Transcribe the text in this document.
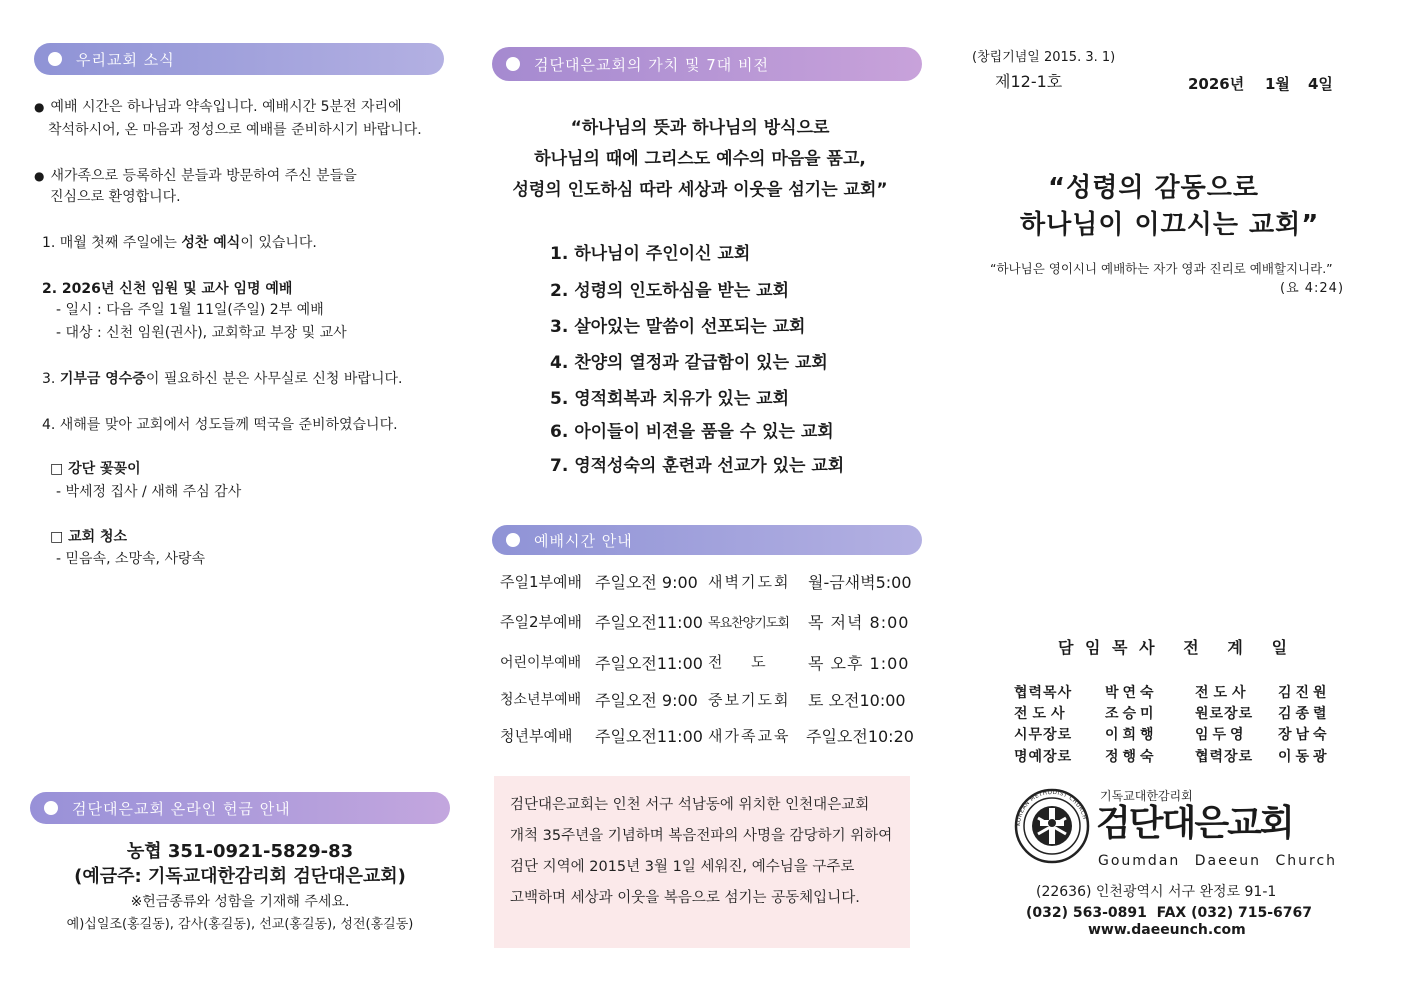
우리교회 소식
● 예배 시간은 하나님과 약속입니다. 예배시간 5분전 자리에
착석하시어, 온 마음과 정성으로 예배를 준비하시기 바랍니다.
● 새가족으로 등록하신 분들과 방문하여 주신 분들을
진심으로 환영합니다.
1. 매월 첫째 주일에는 성찬 예식이 있습니다.
2. 2026년 신천 임원 및 교사 임명 예배
- 일시 : 다음 주일 1월 11일(주일) 2부 예배
- 대상 : 신천 임원(권사), 교회학교 부장 및 교사
3. 기부금 영수증이 필요하신 분은 사무실로 신청 바랍니다.
4. 새해를 맞아 교회에서 성도들께 떡국을 준비하였습니다.
□ 강단 꽃꽂이
- 박세정 집사 / 새해 주심 감사
□ 교회 청소
- 믿음속, 소망속, 사랑속
검단대은교회 온라인 헌금 안내
농협 351-0921-5829-83
(예금주: 기독교대한감리회 검단대은교회)
※헌금종류와 성함을 기재해 주세요.
예)십일조(홍길동), 감사(홍길동), 선교(홍길동), 성전(홍길동)
검단대은교회의 가치 및 7대 비전
“하나님의 뜻과 하나님의 방식으로
하나님의 때에 그리스도 예수의 마음을 품고,
성령의 인도하심 따라 세상과 이웃을 섬기는 교회”
1. 하나님이 주인이신 교회
2. 성령의 인도하심을 받는 교회
3. 살아있는 말씀이 선포되는 교회
4. 찬양의 열정과 갈급함이 있는 교회
5. 영적회복과 치유가 있는 교회
6. 아이들이 비젼을 품을 수 있는 교회
7. 영적성숙의 훈련과 선교가 있는 교회
예배시간 안내
주일1부예배 주일오전 9:00 새벽기도회 월-금새벽5:00
주일2부예배 주일오전11:00 목요찬양기도회 목 저녁 8:00
어린이부예배 주일오전11:00 전      도	목 오후 1:00
청소년부예배 주일오전 9:00 중보기도회 토 오전10:00
청년부예배 주일오전11:00 새가족교육 주일오전10:20
검단대은교회는 인천 서구 석남동에 위치한 인천대은교회
개척 35주년을 기념하며 복음전파의 사명을 감당하기 위하여
검단 지역에 2015년 3월 1일 세워진, 예수님을 구주로
고백하며 세상과 이웃을 복음으로 섬기는 공동체입니다.
(창립기념일 2015. 3. 1)
제12-1호	2026년 1월 4일
“성령의 감동으로
하나님이 이끄시는 교회”
“하나님은 영이시니 예배하는 자가 영과 진리로 예배할지니라.”
(요 4:24)
담 임 목 사   전   계   일
협력목사 박연숙	전도사 김진원
전도사	조승미	원로장로 김종렬
시무장로 이희행	임두영 장남숙
명예장로 정행숙	협력장로 이동광
KOREAN METHODIST CHURCH
기독교대한감리회
검단대은교회
Goumdan Daeeun Church
(22636) 인천광역시 서구 완정로 91-1
(032) 563-0891  FAX (032) 715-6767
www.daeeunch.com
